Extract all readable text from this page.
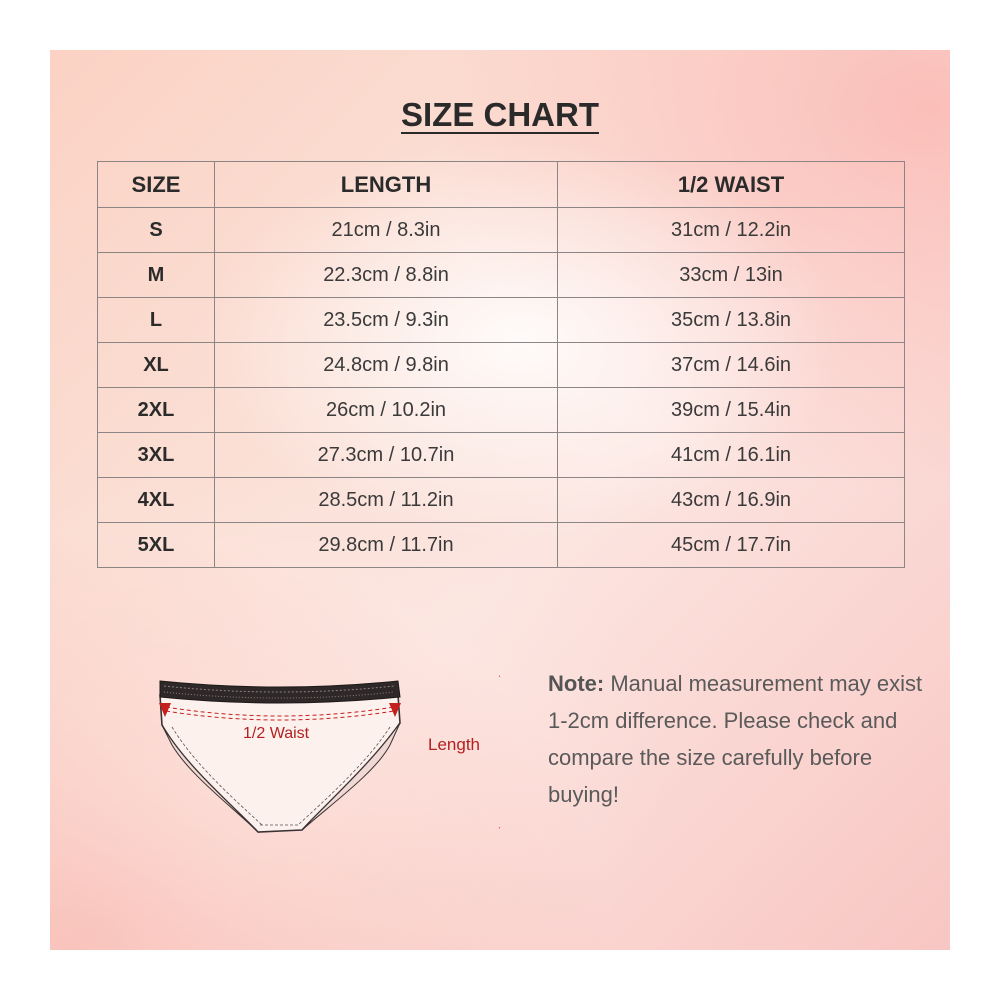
SIZE CHART
SIZE	LENGTH	1/2 WAIST
S	21cm / 8.3in	31cm / 12.2in
M	22.3cm / 8.8in	33cm / 13in
L	23.5cm / 9.3in	35cm / 13.8in
XL	24.8cm / 9.8in	37cm / 14.6in
2XL	26cm / 10.2in	39cm / 15.4in
3XL	27.3cm / 10.7in	41cm / 16.1in
4XL	28.5cm / 11.2in	43cm / 16.9in
5XL	29.8cm / 11.7in	45cm / 17.7in
1/2 Waist
Length
Note: Manual measurement may exist 1-2cm difference. Please check and compare the size carefully before buying!
